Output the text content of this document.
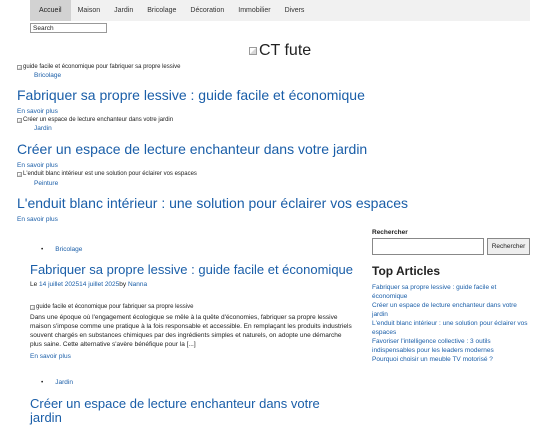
Accueil	Maison	Jardin	Bricolage	Décoration	Immobilier	Divers
Search
CT fute
guide facile et économique pour fabriquer sa propre lessive
Bricolage
Fabriquer sa propre lessive : guide facile et économique
En savoir plus
Créer un espace de lecture enchanteur dans votre jardin
Jardin
Créer un espace de lecture enchanteur dans votre jardin
En savoir plus
L'enduit blanc intérieur est une solution pour éclairer vos espaces
Peinture
L'enduit blanc intérieur : une solution pour éclairer vos espaces
En savoir plus
• Bricolage
Fabriquer sa propre lessive : guide facile et économique
Le 14 juillet 202514 juillet 2025by Nanna
guide facile et économique pour fabriquer sa propre lessive

Dans une époque où l'engagement écologique se mêle à la quête d'économies, fabriquer sa propre lessive maison s'impose comme une pratique à la fois responsable et accessible. En remplaçant les produits industriels souvent chargés en substances chimiques par des ingrédients simples et naturels, on adopte une démarche plus saine. Cette alternative s'avère bénéfique pour la [...]

En savoir plus
• Jardin
Créer un espace de lecture enchanteur dans votre
jardin
Rechercher
Rechercher
Top Articles
Fabriquer sa propre lessive : guide facile et économique
Créer un espace de lecture enchanteur dans votre jardin
L'enduit blanc intérieur : une solution pour éclairer vos espaces
Favoriser l'intelligence collective : 3 outils indispensables pour les leaders modernes
Pourquoi choisir un meuble TV motorisé ?
